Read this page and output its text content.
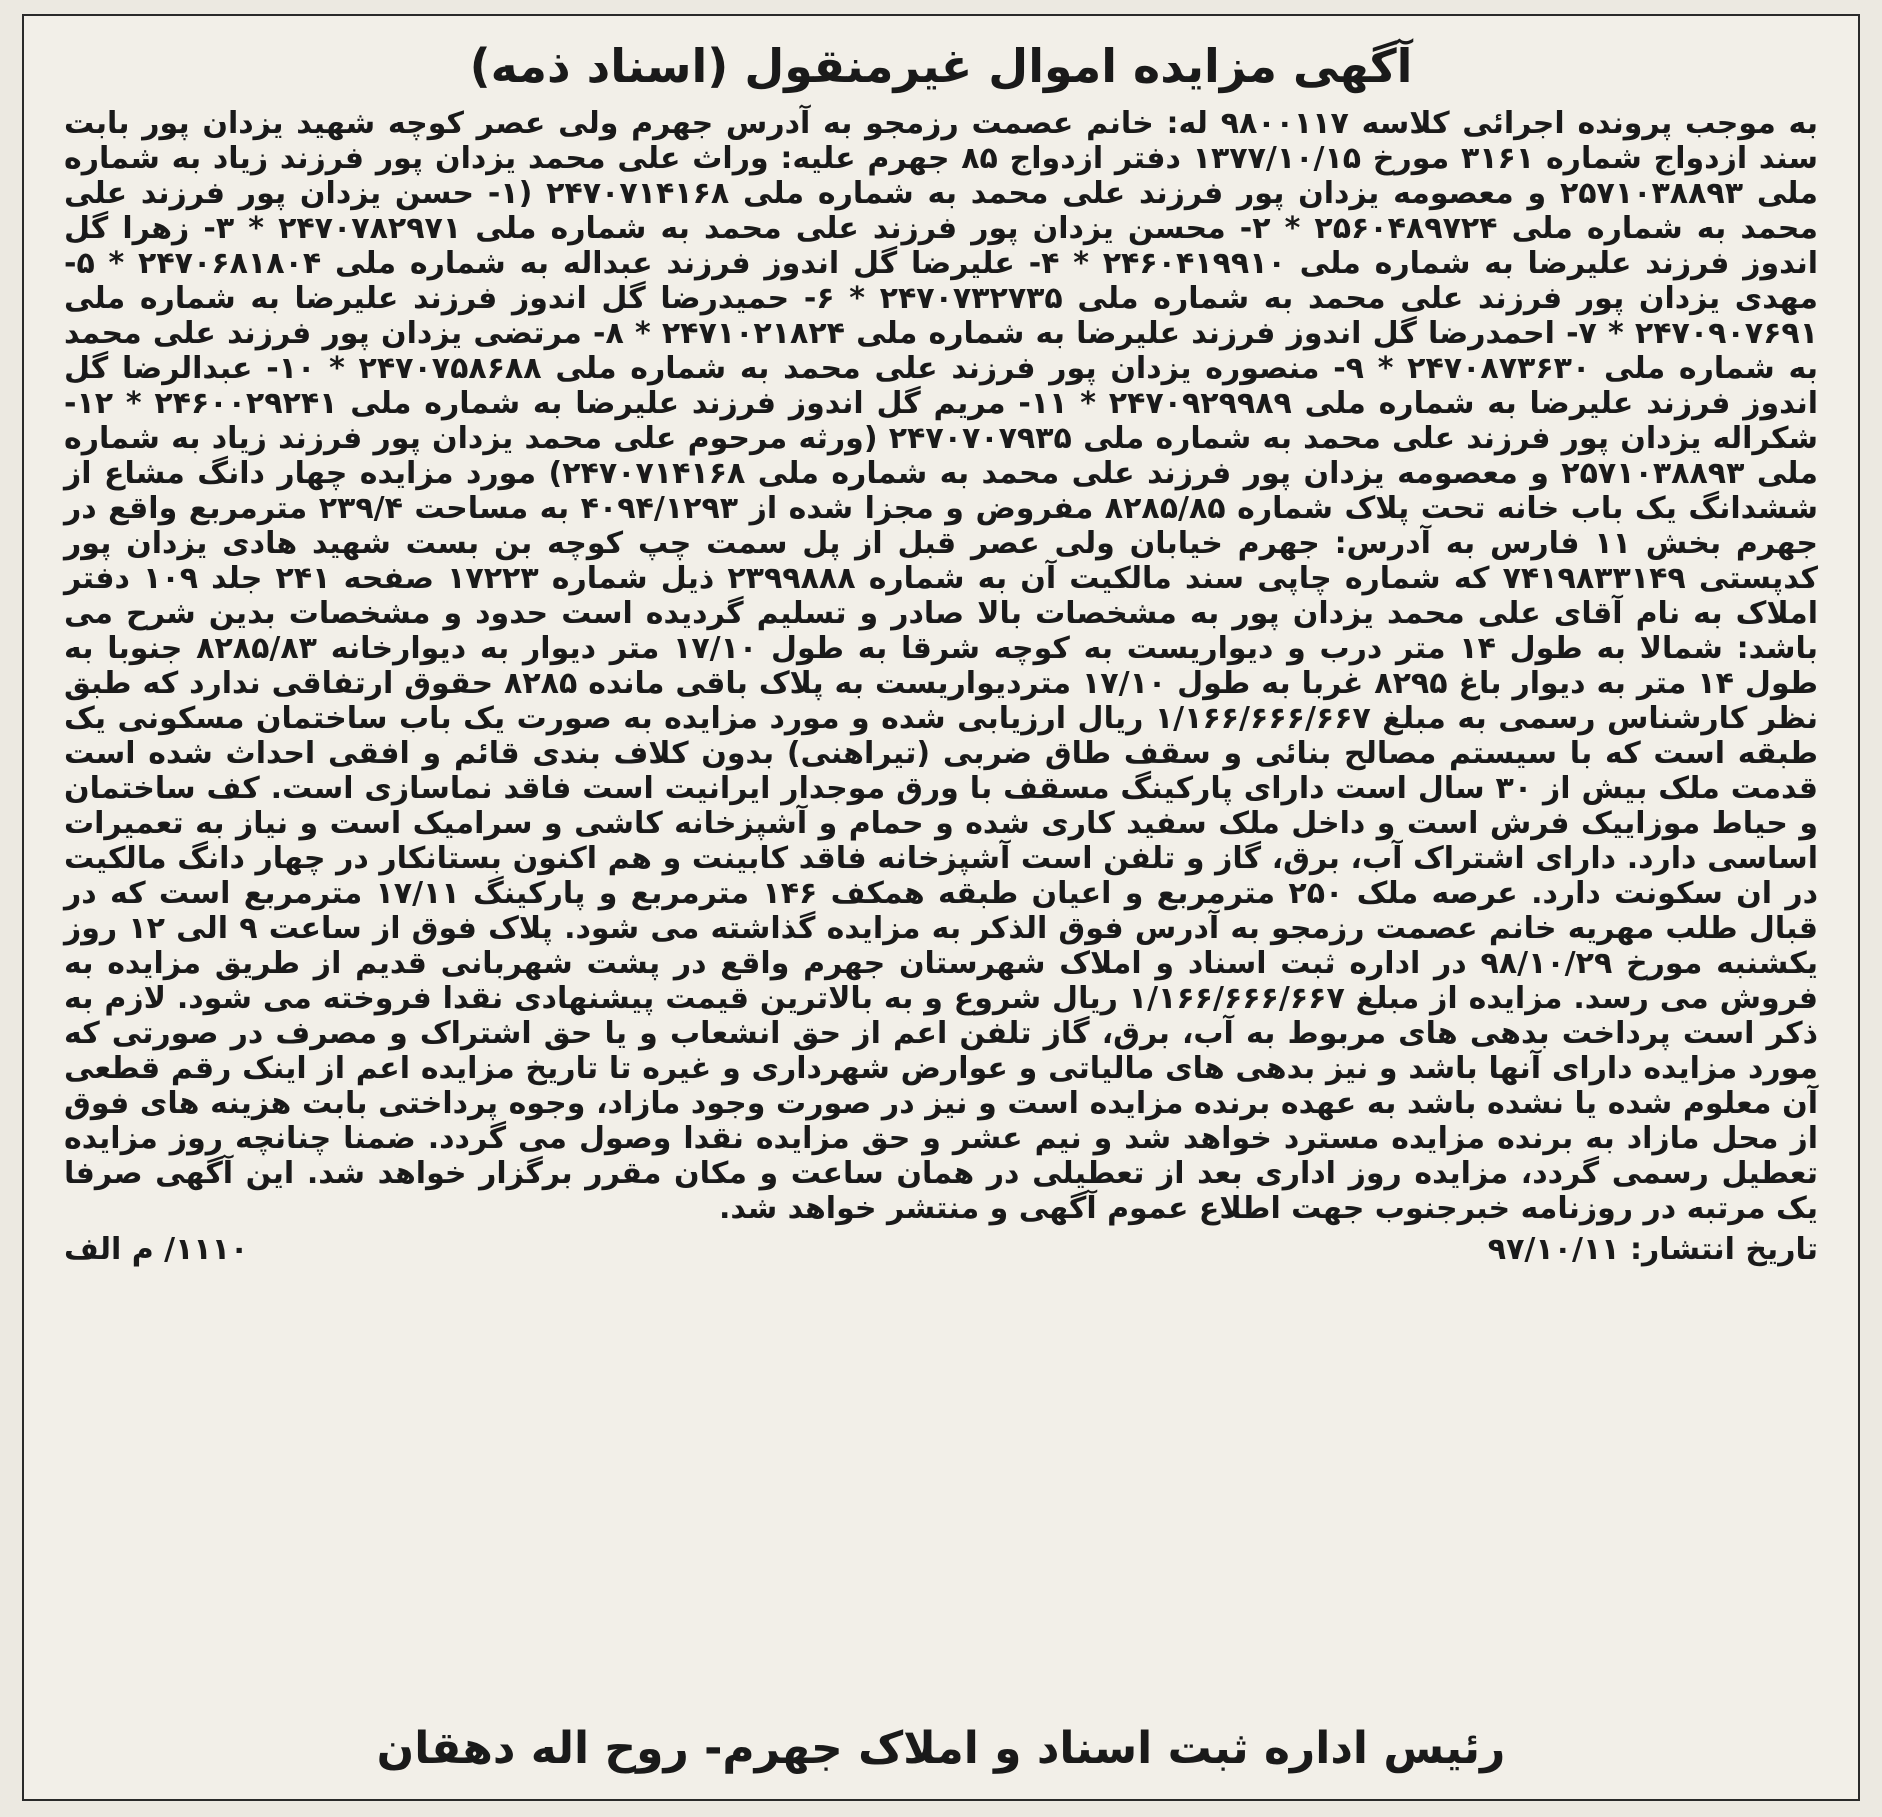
آگهی مزایده اموال غیرمنقول (اسناد ذمه)

به موجب پرونده اجرائی کلاسه ۹۸۰۰۱۱۷ له: خانم عصمت رزمجو به آدرس جهرم ولی عصر کوچه شهید یزدان پور بابت سند ازدواج شماره ۳۱۶۱ مورخ ۱۳۷۷/۱۰/۱۵ دفتر ازدواج ۸۵ جهرم علیه: وراث علی محمد یزدان پور فرزند زیاد به شماره ملی ۲۵۷۱۰۳۸۸۹۳ و معصومه یزدان پور فرزند علی محمد به شماره ملی ۲۴۷۰۷۱۴۱۶۸ (۱- حسن یزدان پور فرزند علی محمد به شماره ملی ۲۵۶۰۴۸۹۷۲۴ * ۲- محسن یزدان پور فرزند علی محمد به شماره ملی ۲۴۷۰۷۸۲۹۷۱ * ۳- زهرا گل اندوز فرزند علیرضا به شماره ملی ۲۴۶۰۴۱۹۹۱۰ * ۴- علیرضا گل اندوز فرزند عبداله به شماره ملی ۲۴۷۰۶۸۱۸۰۴ * ۵- مهدی یزدان پور فرزند علی محمد به شماره ملی ۲۴۷۰۷۳۲۷۳۵ * ۶- حمیدرضا گل اندوز فرزند علیرضا به شماره ملی ۲۴۷۰۹۰۷۶۹۱ * ۷- احمدرضا گل اندوز فرزند علیرضا به شماره ملی ۲۴۷۱۰۲۱۸۲۴ * ۸- مرتضی یزدان پور فرزند علی محمد به شماره ملی ۲۴۷۰۸۷۳۶۳۰ * ۹- منصوره یزدان پور فرزند علی محمد به شماره ملی ۲۴۷۰۷۵۸۶۸۸ * ۱۰- عبدالرضا گل اندوز فرزند علیرضا به شماره ملی ۲۴۷۰۹۲۹۹۸۹ * ۱۱- مریم گل اندوز فرزند علیرضا به شماره ملی ۲۴۶۰۰۲۹۲۴۱ * ۱۲- شکراله یزدان پور فرزند علی محمد به شماره ملی ۲۴۷۰۷۰۷۹۳۵ (ورثه مرحوم علی محمد یزدان پور فرزند زیاد به شماره ملی ۲۵۷۱۰۳۸۸۹۳ و معصومه یزدان پور فرزند علی محمد به شماره ملی ۲۴۷۰۷۱۴۱۶۸) مورد مزایده چهار دانگ مشاع از ششدانگ یک باب خانه تحت پلاک شماره ۸۲۸۵/۸۵ مفروض و مجزا شده از ۴۰۹۴/۱۲۹۳ به مساحت ۲۳۹/۴ مترمربع واقع در جهرم بخش ۱۱ فارس به آدرس: جهرم خیابان ولی عصر قبل از پل سمت چپ کوچه بن بست شهید هادی یزدان پور کدپستی ۷۴۱۹۸۳۳۱۴۹ که شماره چاپی سند مالکیت آن به شماره ۲۳۹۹۸۸۸ ذیل شماره ۱۷۲۲۳ صفحه ۲۴۱ جلد ۱۰۹ دفتر املاک به نام آقای علی محمد یزدان پور به مشخصات بالا صادر و تسلیم گردیده است حدود و مشخصات بدین شرح می باشد: شمالا به طول ۱۴ متر درب و دیواریست به کوچه شرقا به طول ۱۷/۱۰ متر دیوار به دیوارخانه ۸۲۸۵/۸۳ جنوبا به طول ۱۴ متر به دیوار باغ ۸۲۹۵ غربا به طول ۱۷/۱۰ متردیواریست به پلاک باقی مانده ۸۲۸۵ حقوق ارتفاقی ندارد که طبق نظر کارشناس رسمی به مبلغ ۱/۱۶۶/۶۶۶/۶۶۷ ریال ارزیابی شده و مورد مزایده به صورت یک باب ساختمان مسکونی یک طبقه است که با سیستم مصالح بنائی و سقف طاق ضربی (تیراهنی) بدون کلاف بندی قائم و افقی احداث شده است قدمت ملک بیش از ۳۰ سال است دارای پارکینگ مسقف با ورق موجدار ایرانیت است فاقد نماسازی است. کف ساختمان و حیاط موزاییک فرش است و داخل ملک سفید کاری شده و حمام و آشپزخانه کاشی و سرامیک است و نیاز به تعمیرات اساسی دارد. دارای اشتراک آب، برق، گاز و تلفن است آشپزخانه فاقد کابینت و هم اکنون بستانکار در چهار دانگ مالکیت در ان سکونت دارد. عرصه ملک ۲۵۰ مترمربع و اعیان طبقه همکف ۱۴۶ مترمربع و پارکینگ ۱۷/۱۱ مترمربع است که در قبال طلب مهریه خانم عصمت رزمجو به آدرس فوق الذکر به مزایده گذاشته می شود. پلاک فوق از ساعت ۹ الی ۱۲ روز یکشنبه مورخ ۹۸/۱۰/۲۹ در اداره ثبت اسناد و املاک شهرستان جهرم واقع در پشت شهربانی قدیم از طریق مزایده به فروش می رسد. مزایده از مبلغ ۱/۱۶۶/۶۶۶/۶۶۷ ریال شروع و به بالاترین قیمت پیشنهادی نقدا فروخته می شود. لازم به ذکر است پرداخت بدهی های مربوط به آب، برق، گاز تلفن اعم از حق انشعاب و یا حق اشتراک و مصرف در صورتی که مورد مزایده دارای آنها باشد و نیز بدهی های مالیاتی و عوارض شهرداری و غیره تا تاریخ مزایده اعم از اینک رقم قطعی آن معلوم شده یا نشده باشد به عهده برنده مزایده است و نیز در صورت وجود مازاد، وجوه پرداختی بابت هزینه های فوق از محل مازاد به برنده مزایده مسترد خواهد شد و نیم عشر و حق مزایده نقدا وصول می گردد. ضمنا چنانچه روز مزایده تعطیل رسمی گردد، مزایده روز اداری بعد از تعطیلی در همان ساعت و مکان مقرر برگزار خواهد شد. این آگهی صرفا یک مرتبه در روزنامه خبرجنوب جهت اطلاع عموم آگهی و منتشر خواهد شد.

تاریخ انتشار: ۹۷/۱۰/۱۱
۱۱۱۰/ م الف
رئیس اداره ثبت اسناد و املاک جهرم- روح اله دهقان
